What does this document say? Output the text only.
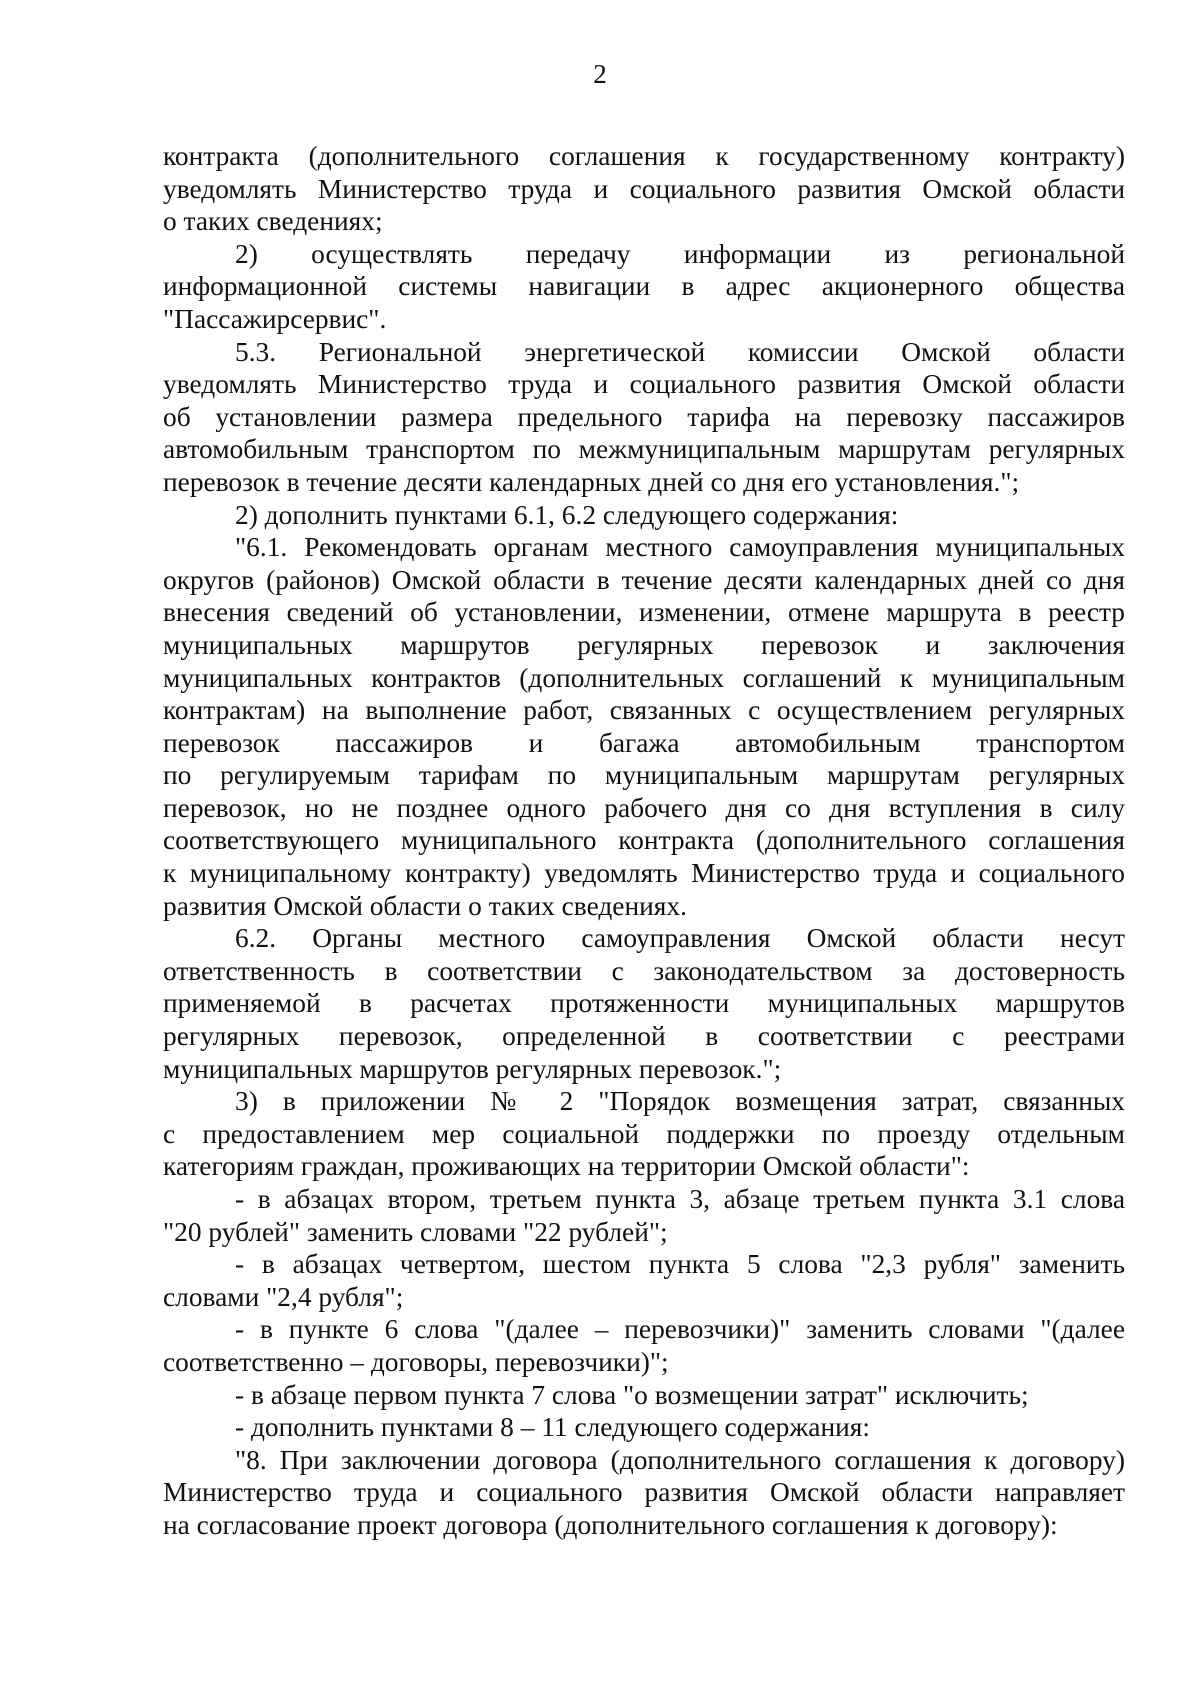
2
контракта (дополнительного соглашения к государственному контракту)
уведомлять Министерство труда и социального развития Омской области
о таких сведениях;
2) осуществлять передачу информации из региональной
информационной системы навигации в адрес акционерного общества
"Пассажирсервис".
5.3. Региональной энергетической комиссии Омской области
уведомлять Министерство труда и социального развития Омской области
об установлении размера предельного тарифа на перевозку пассажиров
автомобильным транспортом по межмуниципальным маршрутам регулярных
перевозок в течение десяти календарных дней со дня его установления.";
2) дополнить пунктами 6.1, 6.2 следующего содержания:
"6.1. Рекомендовать органам местного самоуправления муниципальных
округов (районов) Омской области в течение десяти календарных дней со дня
внесения сведений об установлении, изменении, отмене маршрута в реестр
муниципальных маршрутов регулярных перевозок и заключения
муниципальных контрактов (дополнительных соглашений к муниципальным
контрактам) на выполнение работ, связанных с осуществлением регулярных
перевозок пассажиров и багажа автомобильным транспортом
по регулируемым тарифам по муниципальным маршрутам регулярных
перевозок, но не позднее одного рабочего дня со дня вступления в силу
соответствующего муниципального контракта (дополнительного соглашения
к муниципальному контракту) уведомлять Министерство труда и социального
развития Омской области о таких сведениях.
6.2. Органы местного самоуправления Омской области несут
ответственность в соответствии с законодательством за достоверность
применяемой в расчетах протяженности муниципальных маршрутов
регулярных перевозок, определенной в соответствии с реестрами
муниципальных маршрутов регулярных перевозок.";
3) в приложении № 2 "Порядок возмещения затрат, связанных
с предоставлением мер социальной поддержки по проезду отдельным
категориям граждан, проживающих на территории Омской области":
- в абзацах втором, третьем пункта 3, абзаце третьем пункта 3.1 слова
"20 рублей" заменить словами "22 рублей";
- в абзацах четвертом, шестом пункта 5 слова "2,3 рубля" заменить
словами "2,4 рубля";
- в пункте 6 слова "(далее – перевозчики)" заменить словами "(далее
соответственно – договоры, перевозчики)";
- в абзаце первом пункта 7 слова "о возмещении затрат" исключить;
- дополнить пунктами 8 – 11 следующего содержания:
"8. При заключении договора (дополнительного соглашения к договору)
Министерство труда и социального развития Омской области направляет
на согласование проект договора (дополнительного соглашения к договору):
